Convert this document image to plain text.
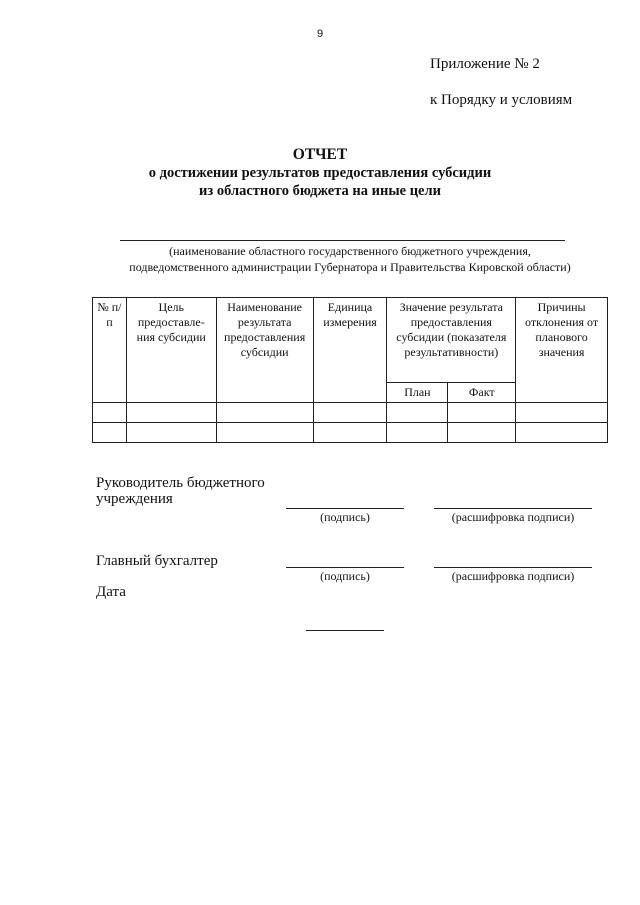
9
Приложение № 2
к Порядку и условиям
ОТЧЕТ
о достижении результатов предоставления субсидии
из областного бюджета на иные цели
(наименование областного государственного бюджетного учреждения,
подведомственного администрации Губернатора и Правительства Кировской области)
№ п/п	Цель предоставле-ния субсидии	Наименование результата предоставления субсидии	Единица измерения	Значение результата предоставления субсидии (показателя результативности)		Причины отклонения от планового значения
				План	Факт	

Руководитель бюджетного
учреждения
(подпись)	(расшифровка подписи)
Главный бухгалтер
(подпись)	(расшифровка подписи)
Дата
